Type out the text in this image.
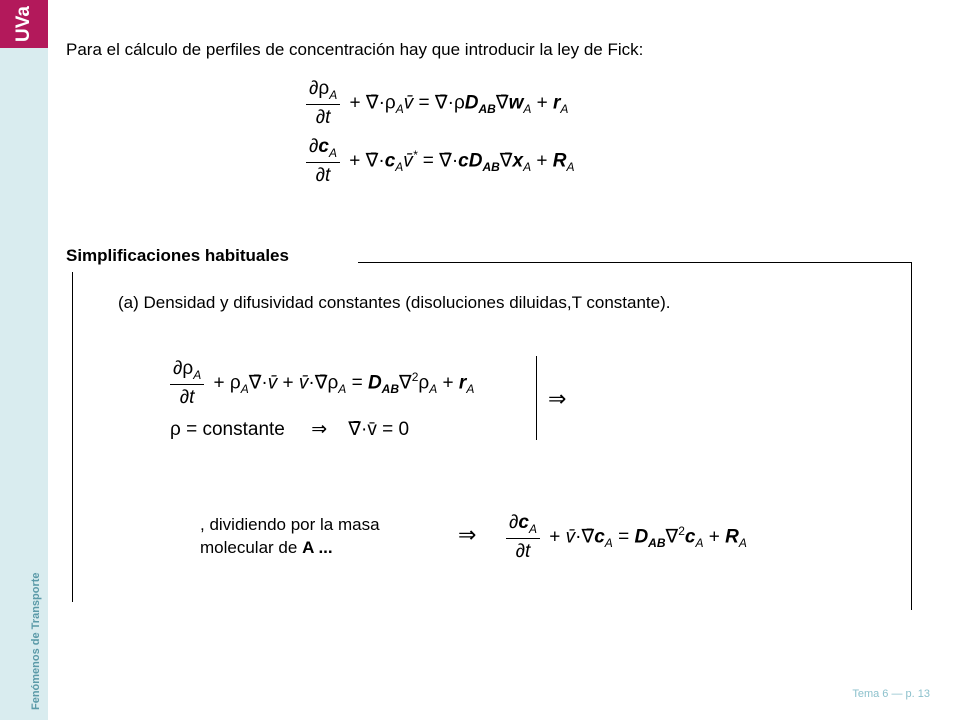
UVa
Fenómenos de Transporte
Para el cálculo de perfiles de concentración hay que introducir la ley de Fick:
$\frac{\partial\rho_A}{\partial t}$ + $\nablā\cdot\rho_Av̄$ = $\nablā\cdot\rho D_{AB}\nablāw_A + r_A$
$\frac{\partial c_A}{\partial t}$ + $\nablā\cdot c_Av̄^*$ = $\nablā\cdot cD_{AB}\nablāx_A + R_A$
Simplificaciones habituales
(a) Densidad y difusividad constantes (disoluciones diluidas,T constante).
$\frac{\partial\rho_A}{\partial t}$ + $\rho_A\nablā\cdot v̄$ + $v̄\cdot\nablā\rho_A = D_{AB}\nabla^2\rho_A + r_A$
ρ = constante     ⇒    ∇̄·v̄ = 0
⇒
, dividiendo por la masa
molecular de A ...
⇒ $\frac{\partial c_A}{\partial t}$ + $v̄\cdot\nablāc_A = D_{AB}\nabla^2c_A + R_A$
Tema 6 — p. 13
